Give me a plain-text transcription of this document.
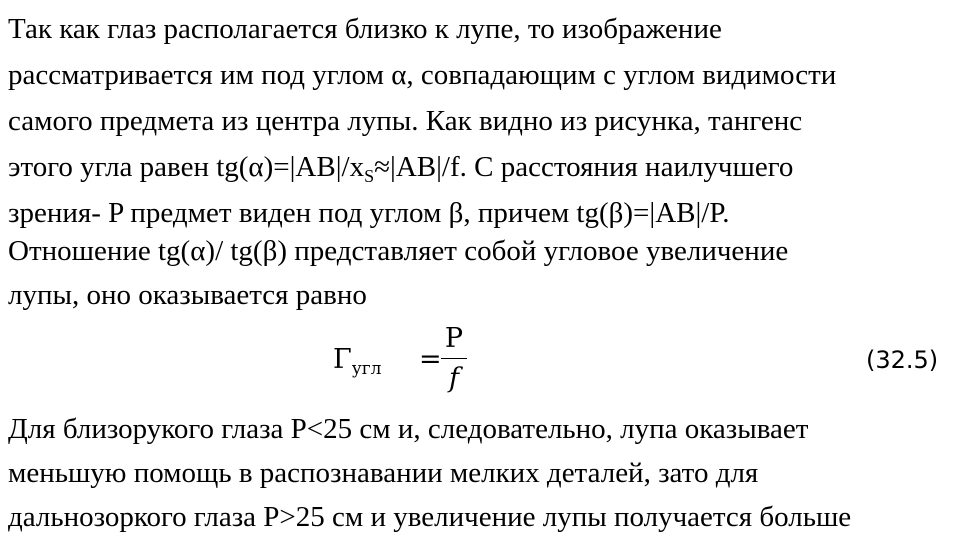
Так как глаз располагается близко к лупе, то изображение
рассматривается им под углом α, совпадающим с углом видимости
самого предмета из центра лупы. Как видно из рисунка, тангенс
этого угла равен $tg(\alpha)=|AB|/x_S\approx|AB|/f$. С расстояния наилучшего
зрения- P предмет виден под углом β, причем tg(β)=|AB|/P.
Отношение tg(α)/ tg(β) представляет собой угловое увеличение
лупы, оно оказывается равно
$\Gamma_{угл}$ =
P
f
(32.5)
Для близорукого глаза P<25 см и, следовательно, лупа оказывает
меньшую помощь в распознавании мелких деталей, зато для
дальнозоркого глаза P>25 см и увеличение лупы получается больше
